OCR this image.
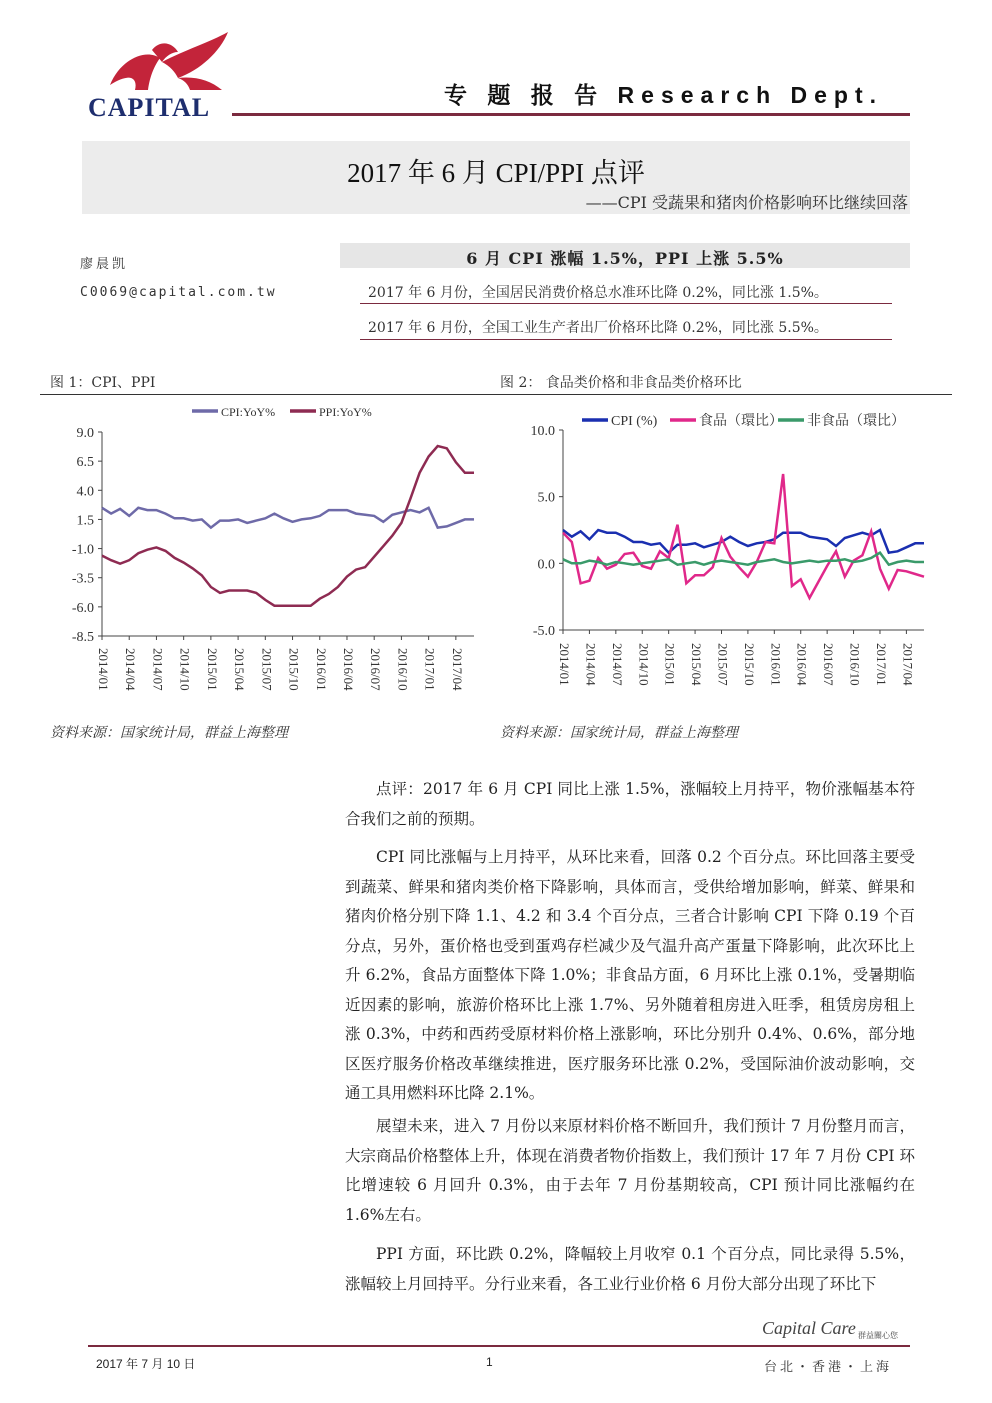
CAPITAL	专 题 报 告 Research Dept.
2017 年 6 月 CPI/PPI 点评
——CPI 受蔬果和猪肉价格影响环比继续回落
廖晨凯
C0069@capital.com.tw
6 月 CPI 涨幅 1.5%，PPI 上涨 5.5%
2017 年 6 月份，全国居民消费价格总水准环比降 0.2%，同比涨 1.5%。
2017 年 6 月份，全国工业生产者出厂价格环比降 0.2%，同比涨 5.5%。
图 1：CPI、PPI	图 2： 食品类价格和非食品类价格环比
9.0
6.5
4.0
1.5
-1.0
-3.5
-6.0
-8.5
2014/01 2014/04 2014/07 2014/10 2015/01 2015/04 2015/07 2015/10 2016/01 2016/04 2016/07 2016/10 2017/01 2017/04
CPI:YoY%	PPI:YoY%
10.0
5.0
0.0
-5.0
2014/01 2014/04 2014/07 2014/10 2015/01 2015/04 2015/07 2015/10 2016/01 2016/04 2016/07 2016/10 2017/01 2017/04
CPI (%)	食品（環比） 非食品（環比）
资料来源：国家统计局，群益上海整理	资料来源：国家统计局，群益上海整理

点评：2017 年 6 月 CPI 同比上涨 1.5%，涨幅较上月持平，物价涨幅基本符合我们之前的预期。

CPI 同比涨幅与上月持平，从环比来看，回落 0.2 个百分点。环比回落主要受到蔬菜、鲜果和猪肉类价格下降影响，具体而言，受供给增加影响，鲜菜、鲜果和猪肉价格分别下降 1.1、4.2 和 3.4 个百分点，三者合计影响 CPI 下降 0.19 个百分点，另外，蛋价格也受到蛋鸡存栏减少及气温升高产蛋量下降影响，此次环比上升 6.2%，食品方面整体下降 1.0%；非食品方面，6 月环比上涨 0.1%，受暑期临近因素的影响，旅游价格环比上涨 1.7%、另外随着租房进入旺季，租赁房房租上涨 0.3%，中药和西药受原材料价格上涨影响，环比分别升 0.4%、0.6%，部分地区医疗服务价格改革继续推进，医疗服务环比涨 0.2%，受国际油价波动影响，交通工具用燃料环比降 2.1%。

展望未来，进入 7 月份以来原材料价格不断回升，我们预计 7 月份整月而言，大宗商品价格整体上升，体现在消费者物价指数上，我们预计 17 年 7 月份 CPI 环比增速较 6 月回升 0.3%，由于去年 7 月份基期较高，CPI 预计同比涨幅约在 1.6%左右。

PPI 方面，环比跌 0.2%，降幅较上月收窄 0.1 个百分点，同比录得 5.5%，涨幅较上月回持平。分行业来看，各工业行业价格 6 月份大部分出现了环比下

2017 年 7 月 10 日	1
Capital Care 群益關心您
台北・香港・上海
